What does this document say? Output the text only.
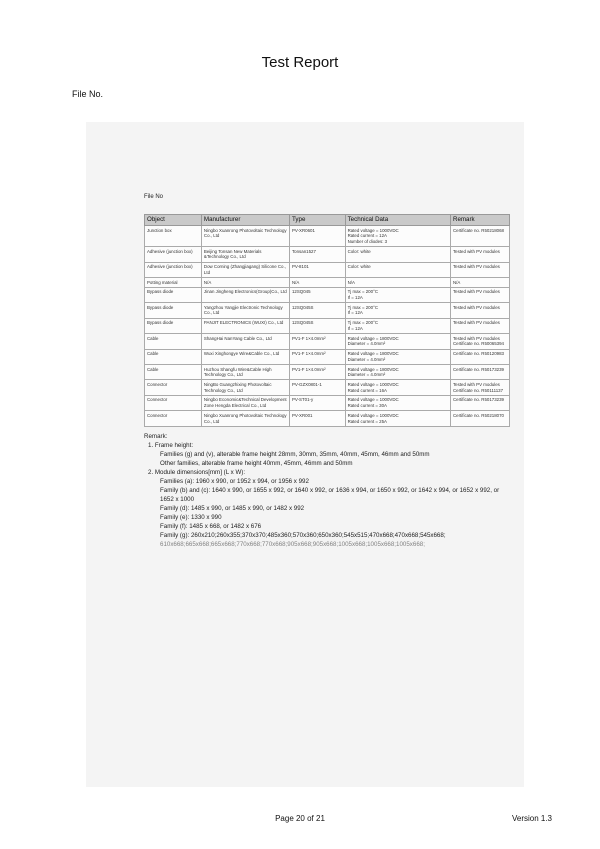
Test Report
File No.
File No
Object	Manufacturer	Type	Technical Data	Remark
Junction box	Ningbo Xuanrong Photovoltaic Technology Co., Ltd	PV-XR0601	Rated voltage = 1000VDC
Rated current = 12A
Number of diodes: 3	Certificate no. R50218068
Adhesive (junction box)	Beijing Tonsan New Materials &Technology Co., Ltd	Tonsan1527	Color: white	Tested with PV modules
Adhesive (junction box)	Dow Corning (Zhangjiagang) Silicone Co., Ltd	PV-8101	Color: white	Tested with PV modules
Potting material	N/A	N/A	N/A	N/A
Bypass diode	Jinan Jingheng Electronics(Group)Co., Ltd	12SQ045	Tj max = 200°C
If = 12A	Tested with PV modules
Bypass diode	Yangzhou Yangjie Electronic Technology Co., Ltd	12SQ045S	Tj max = 200°C
If = 12A	Tested with PV modules
Bypass diode	PANJIT ELECTRONICS (WUXI) Co., Ltd	12SQ045S	Tj max = 200°C
If = 12A	Tested with PV modules
Cable	ShangHai NanYang Cable Co., Ltd	PV1-F 1×4.0mm²	Rated voltage = 1800VDC
Diameter = 4.0mm²	Tested with PV modules
Certificate no. R50065394
Cable	Wuxi Xinghongye Wire&Cable Co., Ltd	PV1-F 1×4.0mm²	Rated voltage = 1800VDC
Diameter = 4.0mm²	Certificate no. R50120983
Cable	Huzhou Shangfu Wire&Cable High Technology Co., Ltd	PV1-F 1×4.0mm²	Rated voltage = 1800VDC
Diameter = 4.0mm²	Certificate no. R50173239
Connector	NingBo Guangzhixing Photovoltaic Technology Co., Ltd	PV-GZX0801-1	Rated voltage = 1000VDC
Rated current = 16A	Tested with PV modules
Certificate no. R50111137
Connector	Ningbo Economic&Technical Development Zone Hengda Electrical Co., Ltd	PV-ST01-y	Rated voltage = 1000VDC
Rated current = 30A	Certificate no. R50173239
Connector	Ningbo Xuanrong Photovoltaic Technology Co., Ltd	PV-XR001	Rated voltage = 1000VDC
Rated current = 25A	Certificate no. R50218070
Remark:
1. Frame height:
Families (g) and (v), alterable frame height 28mm, 30mm, 35mm, 40mm, 45mm, 46mm and 50mm
Other families, alterable frame height 40mm, 45mm, 46mm and 50mm
2. Module dimensions[mm] (L x W):
Families (a): 1960 x 990, or 1952 x 994, or 1956 x 992
Family (b) and (c): 1640 x 990, or 1655 x 992, or 1640 x 992, or 1636 x 994, or 1650 x 992, or 1642 x 994, or 1652 x 992, or 1652 x 1000
Family (d): 1485 x 990, or 1485 x 990, or 1482 x 992
Family (e): 1330 x 990
Family (f): 1485 x 668, or 1482 x 676
Family (g): 260x210;260x355;370x370;485x360;570x360;650x360;545x515;470x668;470x668;545x668;
610x668;665x668;665x668;770x668;770x668;905x668;905x668;1005x668;1005x668;1005x668;
Page 20 of 21	Version 1.3
